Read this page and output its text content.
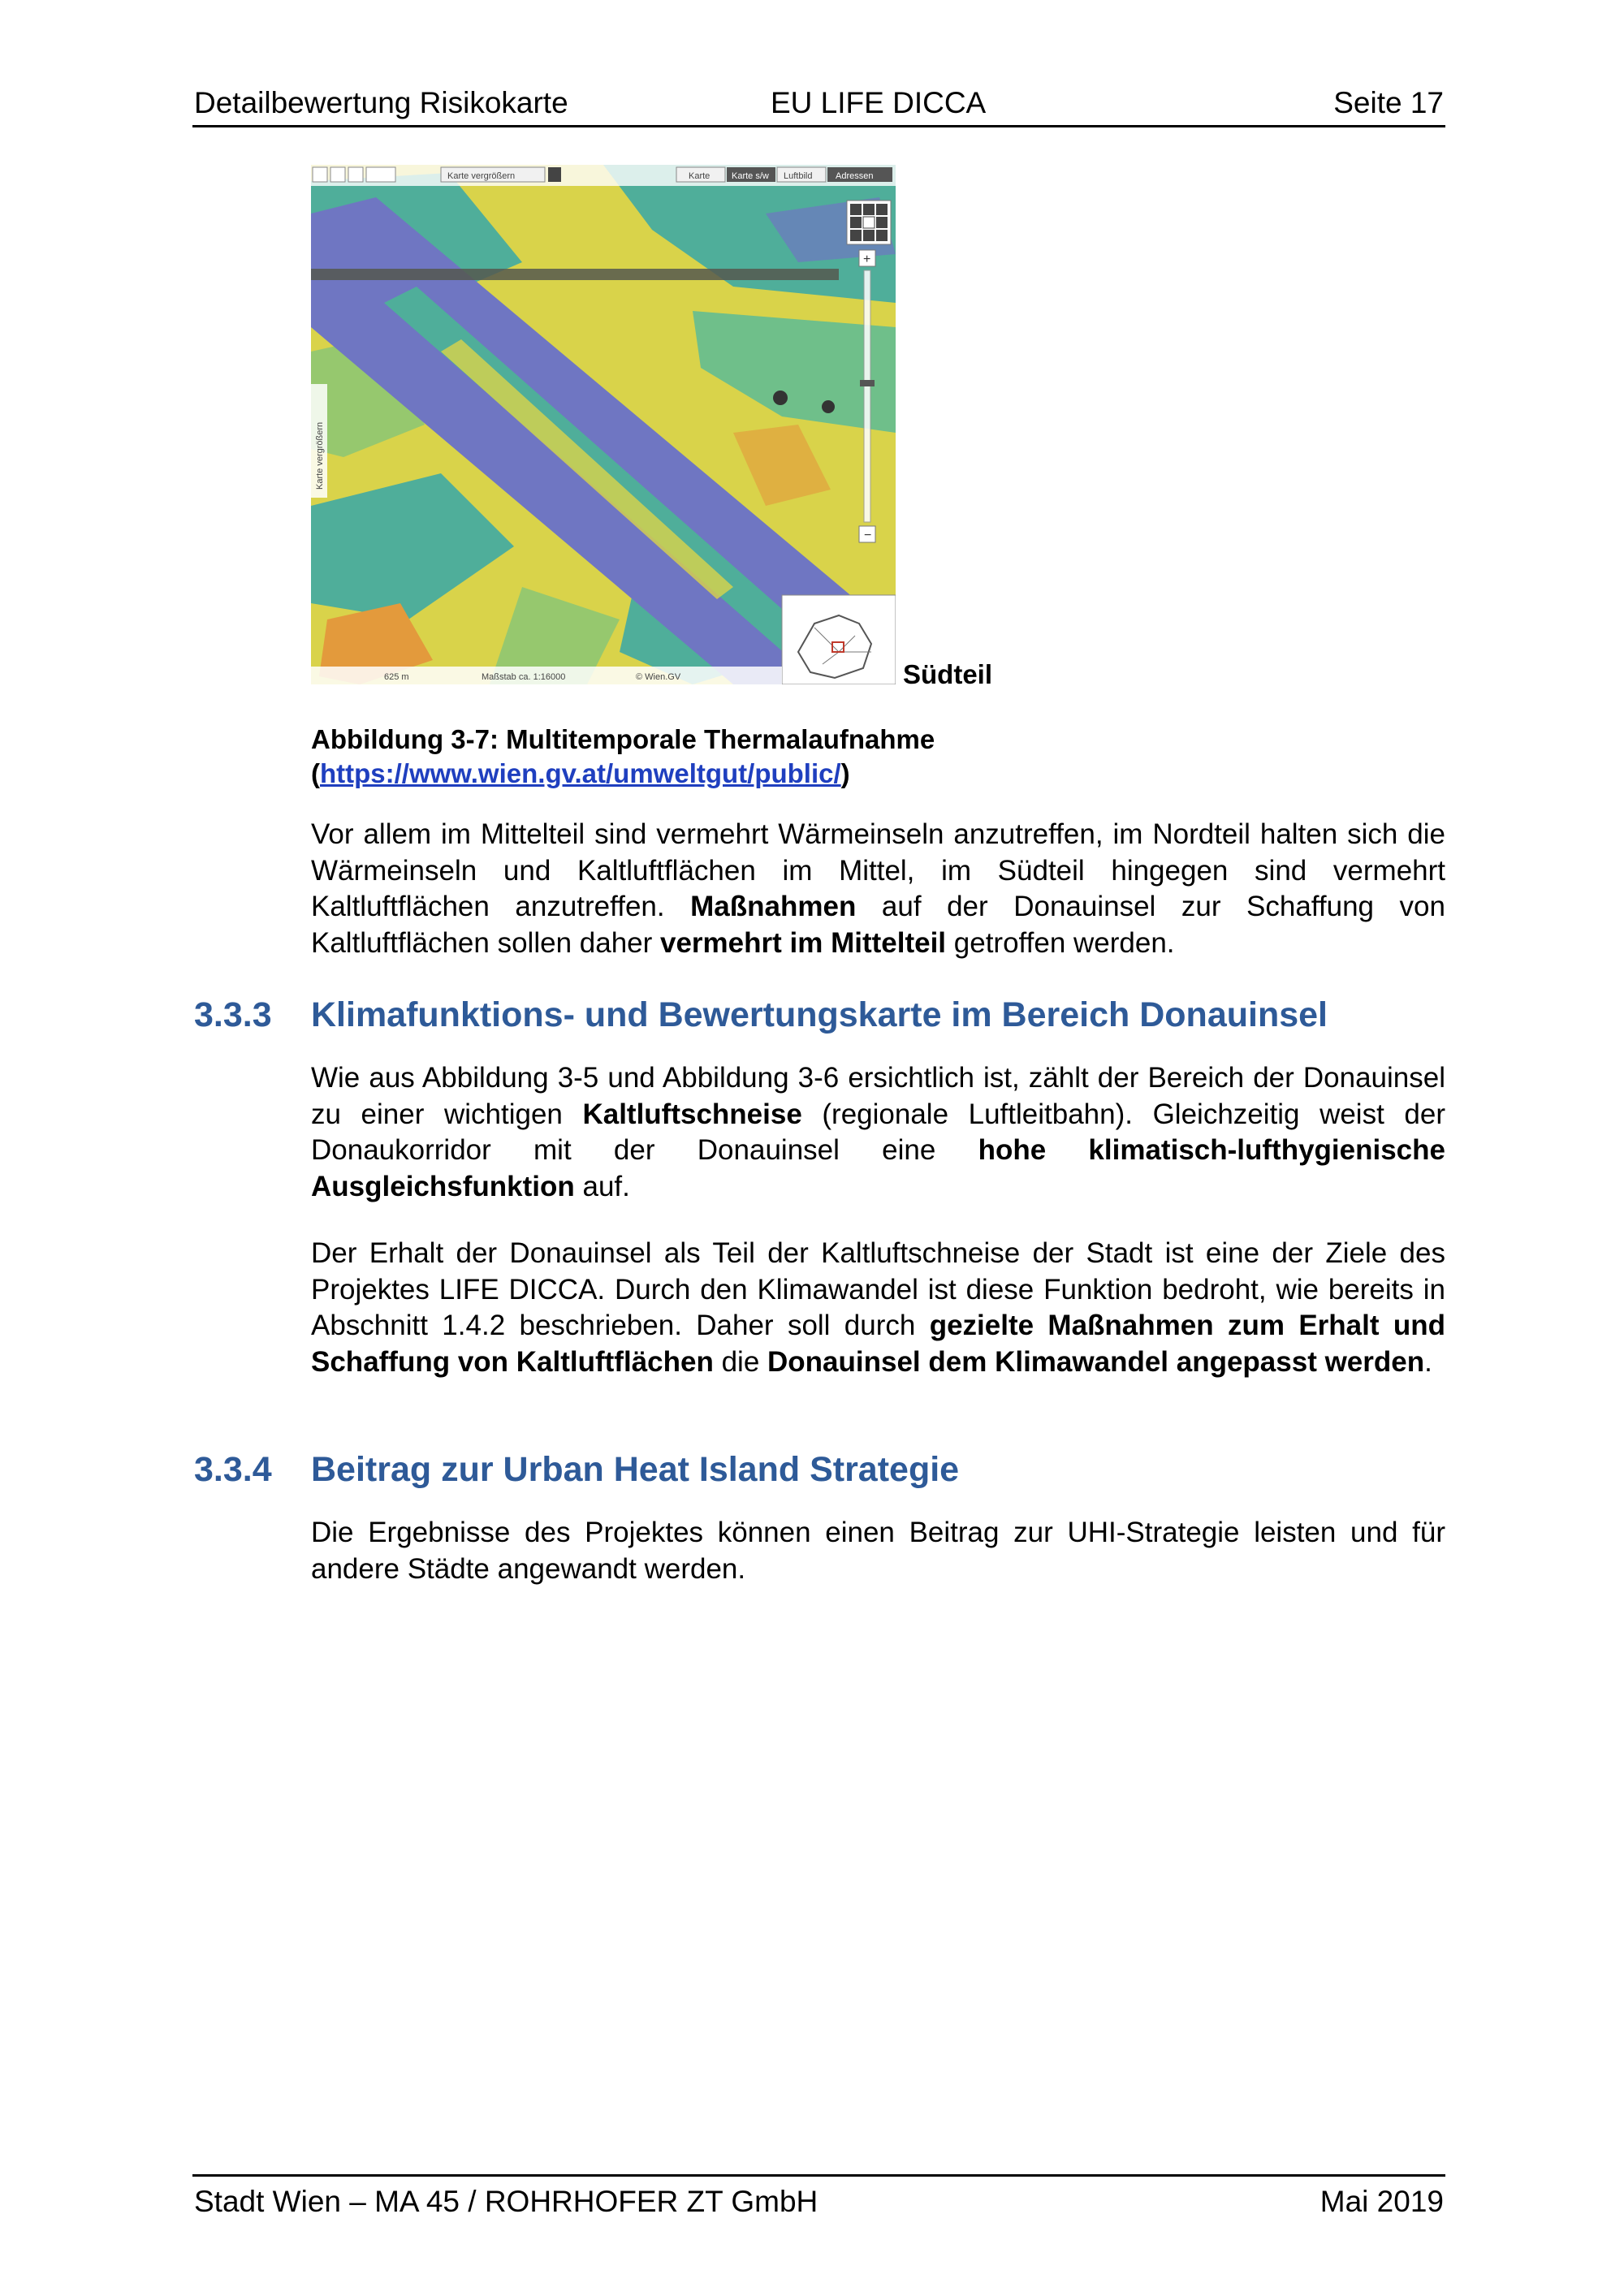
Detailbewertung Risikokarte	EU LIFE DICCA	Seite 17
Karte vergrößern	Karte Karte s/w Luftbild	Adressen
+
−
Karte vergrößern
625 m	Maßstab ca. 1:16000	© Wien.GV	Südteil
Abbildung 3-7: Multitemporale Thermalaufnahme
(https://www.wien.gv.at/umweltgut/public/)
Vor allem im Mittelteil sind vermehrt Wärmeinseln anzutreffen, im Nordteil halten sich die Wärmeinseln und Kaltluftflächen im Mittel, im Südteil hingegen sind vermehrt Kaltluftflächen anzutreffen. Maßnahmen auf der Donauinsel zur Schaffung von Kaltluftflächen sollen daher vermehrt im Mittelteil getroffen werden.
3.3.3 Klimafunktions- und Bewertungskarte im Bereich Donauinsel
Wie aus Abbildung 3-5 und Abbildung 3-6 ersichtlich ist, zählt der Bereich der Donauinsel zu einer wichtigen Kaltluftschneise (regionale Luftleitbahn). Gleichzeitig weist der Donaukorridor mit der Donauinsel eine hohe klimatisch-lufthygienische Ausgleichsfunktion auf.
Der Erhalt der Donauinsel als Teil der Kaltluftschneise der Stadt ist eine der Ziele des Projektes LIFE DICCA. Durch den Klimawandel ist diese Funktion bedroht, wie bereits in Abschnitt 1.4.2 beschrieben. Daher soll durch gezielte Maßnahmen zum Erhalt und Schaffung von Kaltluftflächen die Donauinsel dem Klimawandel angepasst werden.
3.3.4 Beitrag zur Urban Heat Island Strategie
Die Ergebnisse des Projektes können einen Beitrag zur UHI-Strategie leisten und für andere Städte angewandt werden.
Stadt Wien – MA 45 / ROHRHOFER ZT GmbH	Mai 2019
